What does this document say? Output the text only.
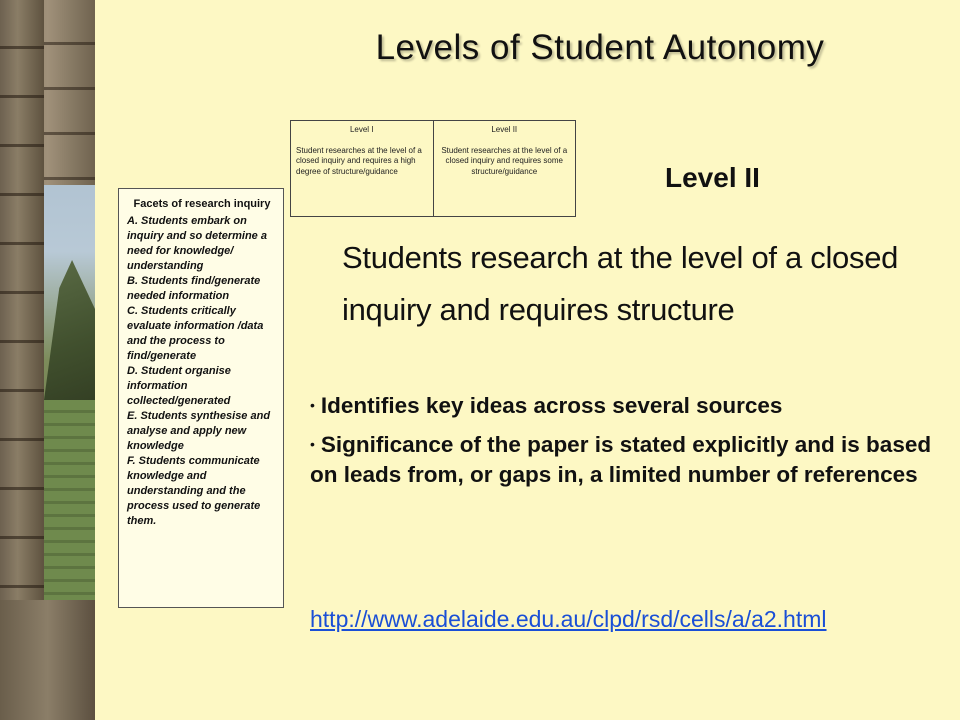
Levels of Student Autonomy
Level I
Student researches at the level of a closed inquiry and requires a high degree of structure/guidance
Level II
Student researches at the level of a closed inquiry and requires some structure/guidance
Facets of research inquiry
A. Students embark on inquiry and so determine a need for knowledge/ understanding
B. Students find/generate needed information
C. Students critically evaluate information /data and the process to find/generate
D. Student organise information collected/generated
E. Students synthesise and analyse and apply new knowledge
F. Students communicate knowledge and understanding and the process used to generate them.
Level II
Students research at the level of a closed inquiry and requires structure
• Identifies key ideas across several sources
• Significance of the paper is stated explicitly and is based on leads from, or gaps in, a limited number of references
http://www.adelaide.edu.au/clpd/rsd/cells/a/a2.html
